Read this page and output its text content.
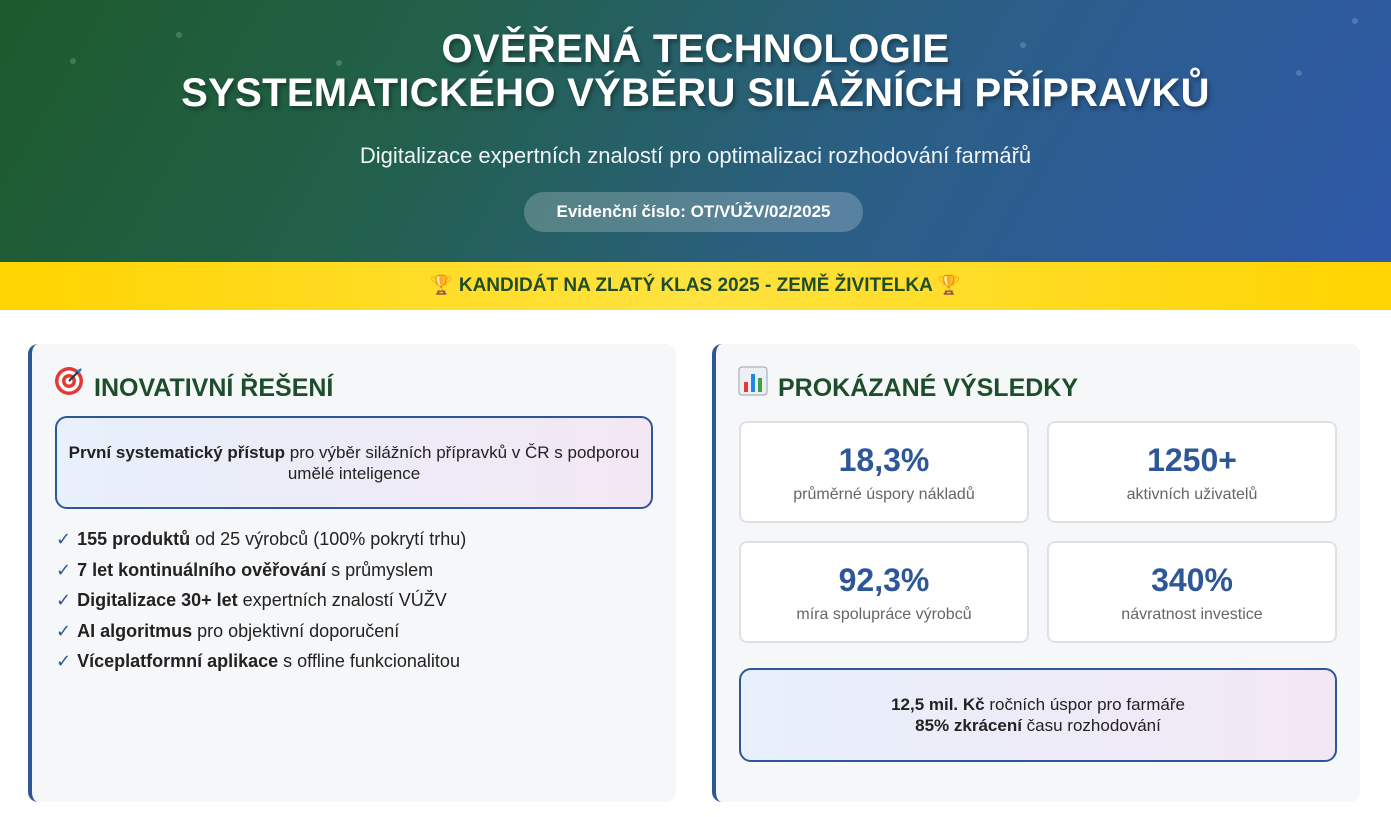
OVĚŘENÁ TECHNOLOGIE
SYSTEMATICKÉHO VÝBĚRU SILÁŽNÍCH PŘÍPRAVKŮ
Digitalizace expertních znalostí pro optimalizaci rozhodování farmářů
Evidenční číslo: OT/VÚŽV/02/2025
🏆 KANDIDÁT NA ZLATÝ KLAS 2025 - ZEMĚ ŽIVITELKA 🏆
INOVATIVNÍ ŘEŠENÍ
První systematický přístup pro výběr silážních přípravků v ČR s podporou umělé inteligence
✓ 155 produktů od 25 výrobců (100% pokrytí trhu)
✓ 7 let kontinuálního ověřování s průmyslem
✓ Digitalizace 30+ let expertních znalostí VÚŽV
✓ AI algoritmus pro objektivní doporučení
✓ Víceplatformní aplikace s offline funkcionalitou
PROKÁZANÉ VÝSLEDKY
18,3%
průměrné úspory nákladů
1250+
aktivních uživatelů
92,3%
míra spolupráce výrobců
340%
návratnost investice
12,5 mil. Kč ročních úspor pro farmáře
85% zkrácení času rozhodování
